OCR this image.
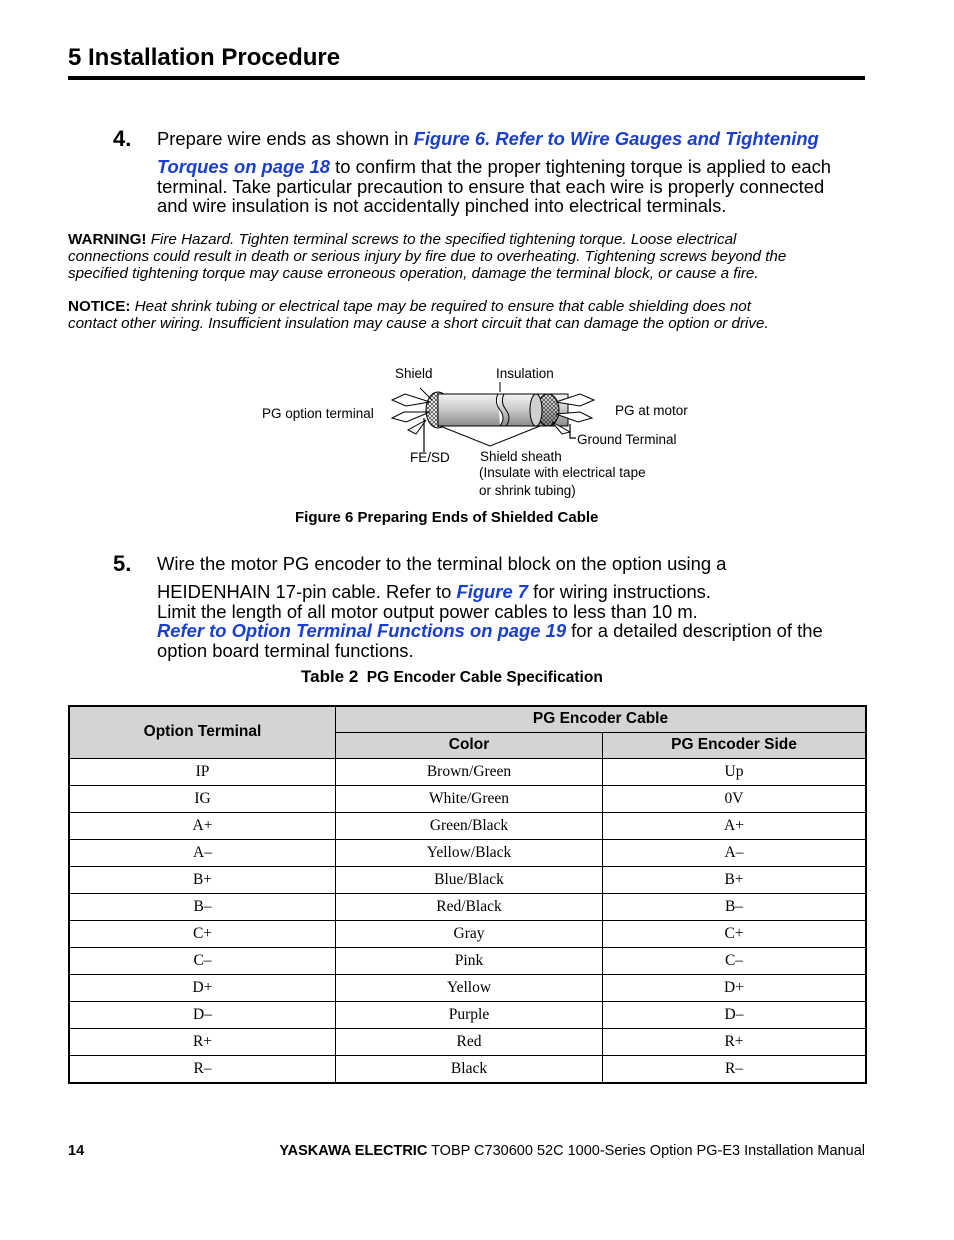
5 Installation Procedure
4. Prepare wire ends as shown in Figure 6. Refer to Wire Gauges and Tightening
Torques on page 18 to confirm that the proper tightening torque is applied to each
terminal. Take particular precaution to ensure that each wire is properly connected
and wire insulation is not accidentally pinched into electrical terminals.
WARNING! Fire Hazard. Tighten terminal screws to the specified tightening torque. Loose electrical
connections could result in death or serious injury by fire due to overheating. Tightening screws beyond the
specified tightening torque may cause erroneous operation, damage the terminal block, or cause a fire.
NOTICE: Heat shrink tubing or electrical tape may be required to ensure that cable shielding does not
contact other wiring. Insufficient insulation may cause a short circuit that can damage the option or drive.
Shield	Insulation
PG option terminal	PG at motor
Ground Terminal
FE/SD Shield sheath
(Insulate with electrical tape
or shrink tubing)
Figure 6 Preparing Ends of Shielded Cable
5. Wire the motor PG encoder to the terminal block on the option using a
HEIDENHAIN 17-pin cable. Refer to Figure 7 for wiring instructions.
Limit the length of all motor output power cables to less than 10 m.
Refer to Option Terminal Functions on page 19 for a detailed description of the
option board terminal functions.
Table 2 PG Encoder Cable Specification
Option Terminal	PG Encoder Cable	
	Color	PG Encoder Side
IP	Brown/Green	Up
IG	White/Green	0V
A+	Green/Black	A+
A–	Yellow/Black	A–
B+	Blue/Black	B+
B–	Red/Black	B–
C+	Gray	C+
C–	Pink	C–
D+	Yellow	D+
D–	Purple	D–
R+	Red	R+
R–	Black	R–
14	YASKAWA ELECTRIC TOBP C730600 52C 1000-Series Option PG-E3 Installation Manual
